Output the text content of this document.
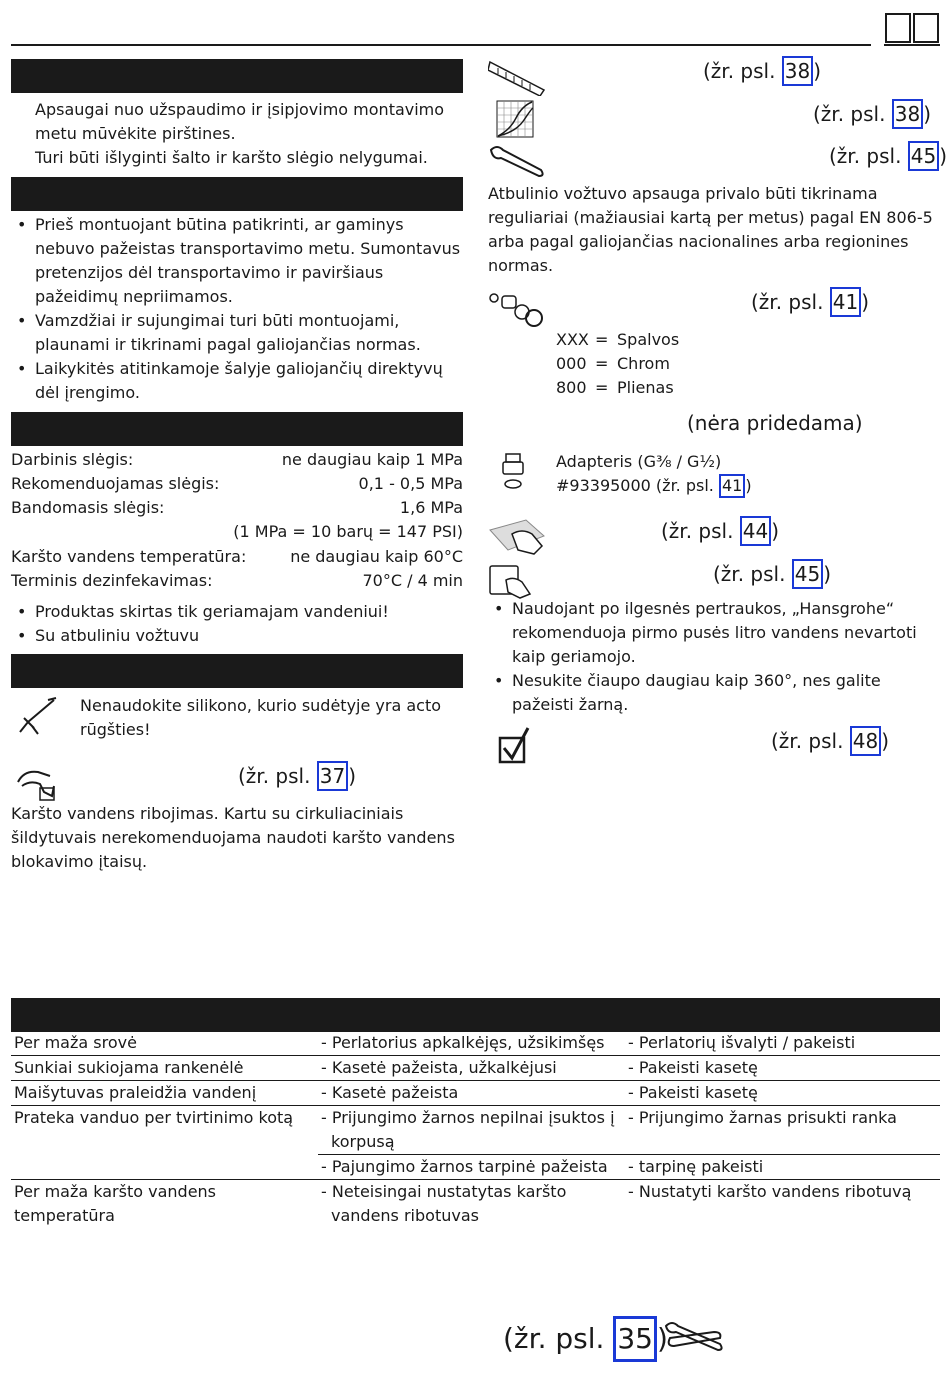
Apsaugai nuo užspaudimo ir įsipjovimo montavimo
metu mūvėkite pirštines.
Turi būti išlyginti šalto ir karšto slėgio nelygumai.
• Prieš montuojant būtina patikrinti, ar gaminys nebuvo pažeistas transportavimo metu. Sumontavus pretenzijos dėl transportavimo ir paviršiaus pažeidimų nepriimamos.
• Vamzdžiai ir sujungimai turi būti montuojami, plaunami ir tikrinami pagal galiojančias normas.
• Laikykitės atitinkamoje šalyje galiojančių direktyvų dėl įrengimo.
Darbinis slėgis:	ne daugiau kaip 1 MPa
Rekomenduojamas slėgis:	0,1 - 0,5 MPa
Bandomasis slėgis:	1,6 MPa
(1 MPa = 10 barų = 147 PSI)
Karšto vandens temperatūra:	ne daugiau kaip 60°C
Terminis dezinfekavimas:	70°C / 4 min
• Produktas skirtas tik geriamajam vandeniui!
• Su atbuliniu vožtuvu
Nenaudokite silikono, kurio sudėtyje yra acto
rūgšties!
(žr. psl. 37 )
Karšto vandens ribojimas. Kartu su cirkuliaciniais
šildytuvais nerekomenduojama naudoti karšto vandens
blokavimo įtaisų.
(žr. psl. 38 )
(žr. psl. 38 )
(žr. psl. 45 )
Atbulinio vožtuvo apsauga privalo būti tikrinama
reguliariai (mažiausiai kartą per metus) pagal EN 806-5
arba pagal galiojančias nacionalines arba regionines
normas.
(žr. psl. 41 )
XXX = Spalvos
000 = Chrom
800 = Plienas
(nėra pridedama)
Adapteris (G⅜ / G½)
#93395000 (žr. psl. 41 )
(žr. psl. 44 )
(žr. psl. 45 )
• Naudojant po ilgesnės pertraukos, „Hansgrohe“ rekomenduoja pirmo pusės litro vandens nevartoti kaip geriamojo.
• Nesukite čiaupo daugiau kaip 360°, nes galite pažeisti žarną.
(žr. psl. 48 )
Per maža srovė	- Perlatorius apkalkėjęs, užsikimšęs	- Perlatorių išvalyti / pakeisti
Sunkiai sukiojama rankenėlė	- Kasetė pažeista, užkalkėjusi	- Pakeisti kasetę
Maišytuvas praleidžia vandenį	- Kasetė pažeista	- Pakeisti kasetę
Prateka vanduo per tvirtinimo kotą	- Prijungimo žarnos nepilnai įsuktos į korpusą	- Prijungimo žarnas prisukti ranka
	- Pajungimo žarnos tarpinė pažeista	- tarpinę pakeisti
Per maža karšto vandens temperatūra	- Neteisingai nustatytas karšto vandens ribotuvas	- Nustatyti karšto vandens ribotuvą
(žr. psl. 35 )
